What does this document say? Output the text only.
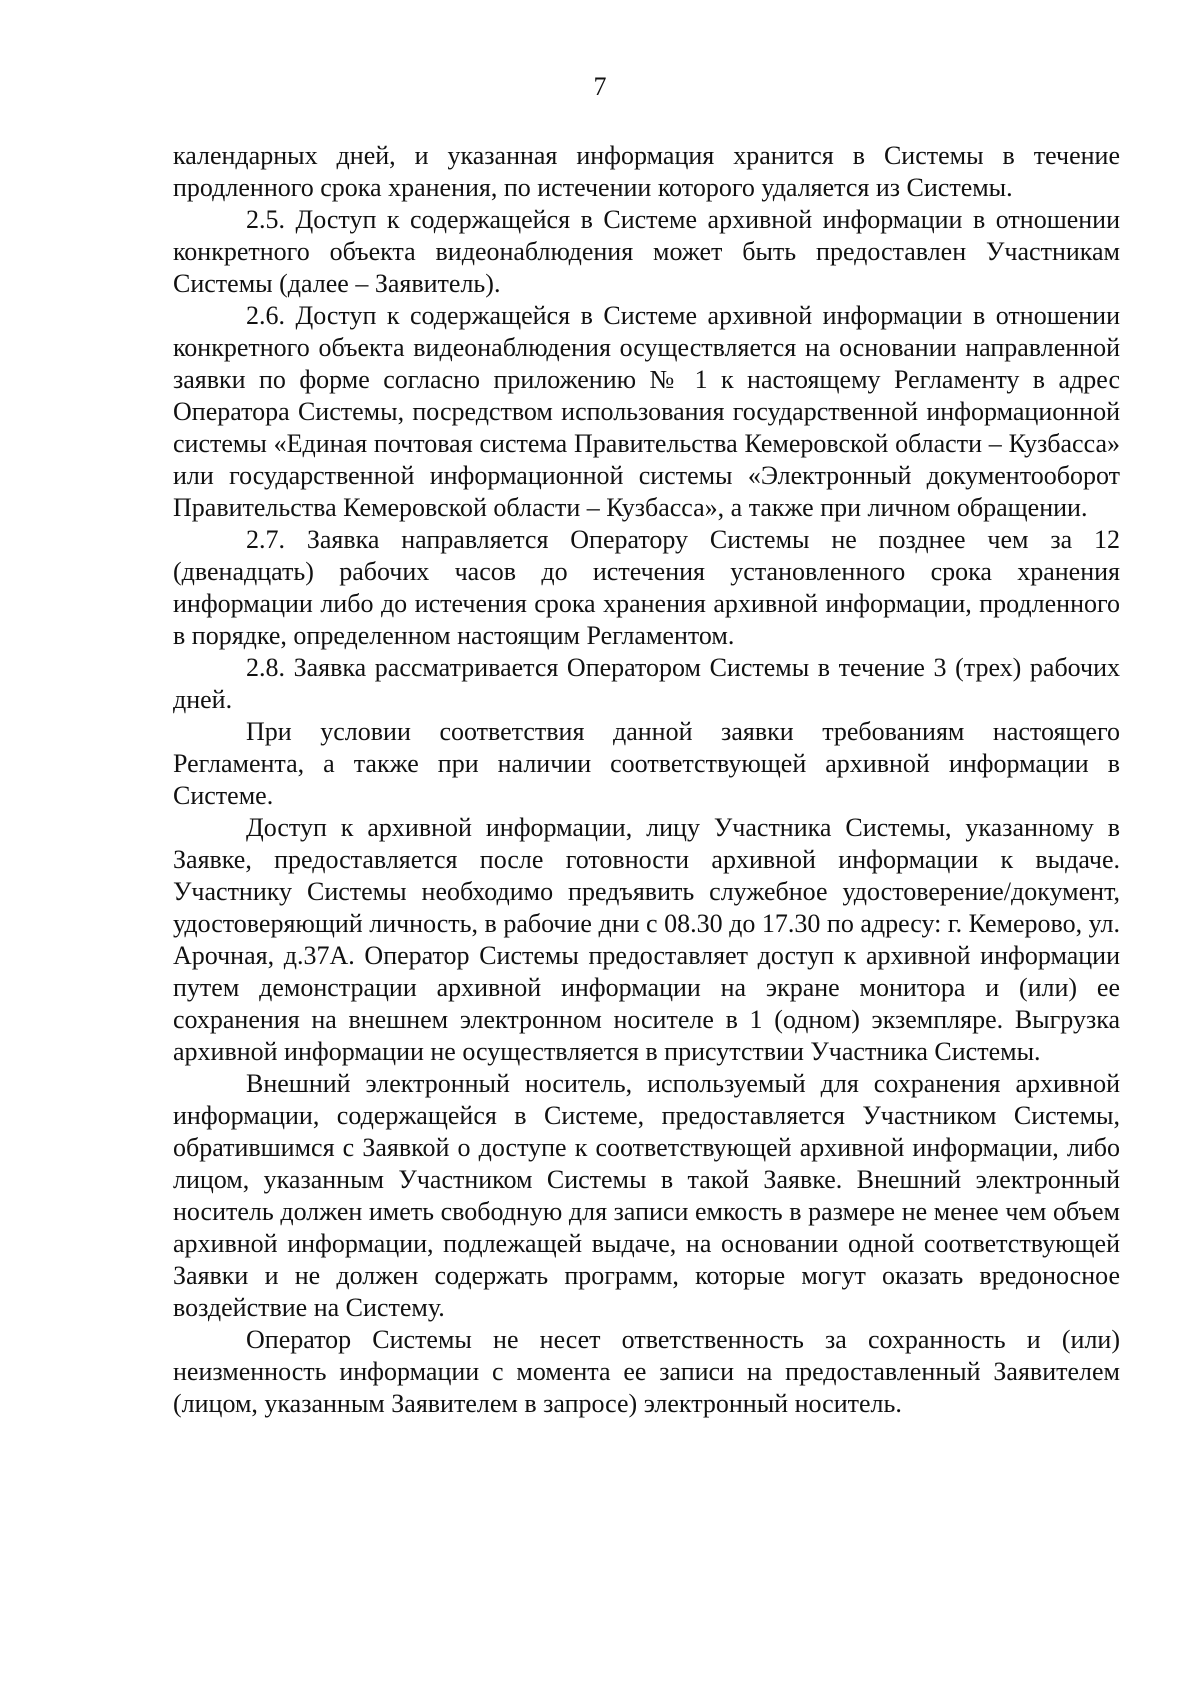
7

календарных дней, и указанная информация хранится в Системы в течение продленного срока хранения, по истечении которого удаляется из Системы.

2.5. Доступ к содержащейся в Системе архивной информации в отношении конкретного объекта видеонаблюдения может быть предоставлен Участникам Системы (далее – Заявитель).

2.6. Доступ к содержащейся в Системе архивной информации в отношении конкретного объекта видеонаблюдения осуществляется на основании направленной заявки по форме согласно приложению № 1 к настоящему Регламенту в адрес Оператора Системы, посредством использования государственной информационной системы «Единая почтовая система Правительства Кемеровской области – Кузбасса» или государственной информационной системы «Электронный документооборот Правительства Кемеровской области – Кузбасса», а также при личном обращении.

2.7. Заявка направляется Оператору Системы не позднее чем за 12 (двенадцать) рабочих часов до истечения установленного срока хранения информации либо до истечения срока хранения архивной информации, продленного в порядке, определенном настоящим Регламентом.

2.8. Заявка рассматривается Оператором Системы в течение 3 (трех) рабочих дней.

При условии соответствия данной заявки требованиям настоящего Регламента, а также при наличии соответствующей архивной информации в Системе.

Доступ к архивной информации, лицу Участника Системы, указанному в Заявке, предоставляется после готовности архивной информации к выдаче. Участнику Системы необходимо предъявить служебное удостоверение/документ, удостоверяющий личность, в рабочие дни с 08.30 до 17.30 по адресу: г. Кемерово, ул. Арочная, д.37А. Оператор Системы предоставляет доступ к архивной информации путем демонстрации архивной информации на экране монитора и (или) ее сохранения на внешнем электронном носителе в 1 (одном) экземпляре. Выгрузка архивной информации не осуществляется в присутствии Участника Системы.

Внешний электронный носитель, используемый для сохранения архивной информации, содержащейся в Системе, предоставляется Участником Системы, обратившимся с Заявкой о доступе к соответствующей архивной информации, либо лицом, указанным Участником Системы в такой Заявке. Внешний электронный носитель должен иметь свободную для записи емкость в размере не менее чем объем архивной информации, подлежащей выдаче, на основании одной соответствующей Заявки и не должен содержать программ, которые могут оказать вредоносное воздействие на Систему.

Оператор Системы не несет ответственность за сохранность и (или) неизменность информации с момента ее записи на предоставленный Заявителем (лицом, указанным Заявителем в запросе) электронный носитель.
